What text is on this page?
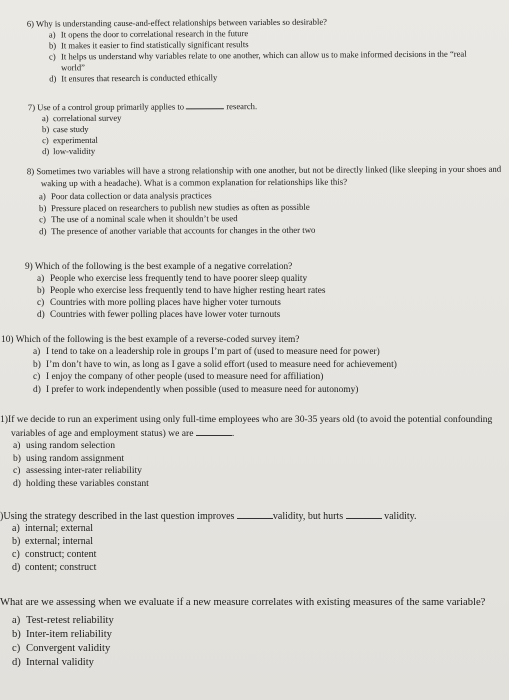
6) Why is understanding cause-and-effect relationships between variables so desirable?
a) It opens the door to correlational research in the future
b) It makes it easier to find statistically significant results
c) It helps us understand why variables relate to one another, which can allow us to make informed decisions in the “real world”
d) It ensures that research is conducted ethically
7) Use of a control group primarily applies to	research.
a) correlational survey
b) case study
c) experimental
d) low-validity
8) Sometimes two variables will have a strong relationship with one another, but not be directly linked (like sleeping in your shoes and waking up with a headache). What is a common explanation for relationships like this?
a) Poor data collection or data analysis practices
b) Pressure placed on researchers to publish new studies as often as possible
c) The use of a nominal scale when it shouldn’t be used
d) The presence of another variable that accounts for changes in the other two
9) Which of the following is the best example of a negative correlation?
a) People who exercise less frequently tend to have poorer sleep quality
b) People who exercise less frequently tend to have higher resting heart rates
c) Countries with more polling places have higher voter turnouts
d) Countries with fewer polling places have lower voter turnouts
10) Which of the following is the best example of a reverse-coded survey item?
a) I tend to take on a leadership role in groups I’m part of (used to measure need for power)
b) I’m don’t have to win, as long as I gave a solid effort (used to measure need for achievement)
c) I enjoy the company of other people (used to measure need for affiliation)
d) I prefer to work independently when possible (used to measure need for autonomy)
1)If we decide to run an experiment using only full-time employees who are 30-35 years old (to avoid the potential confounding variables of age and employment status) we are	.
a) using random selection
b) using random assignment
c) assessing inter-rater reliability
d) holding these variables constant
)Using the strategy described in the last question improves	validity, but hurts	validity.
a) internal; external
b) external; internal
c) construct; content
d) content; construct
What are we assessing when we evaluate if a new measure correlates with existing measures of the same variable?
a) Test-retest reliability
b) Inter-item reliability
c) Convergent validity
d) Internal validity
